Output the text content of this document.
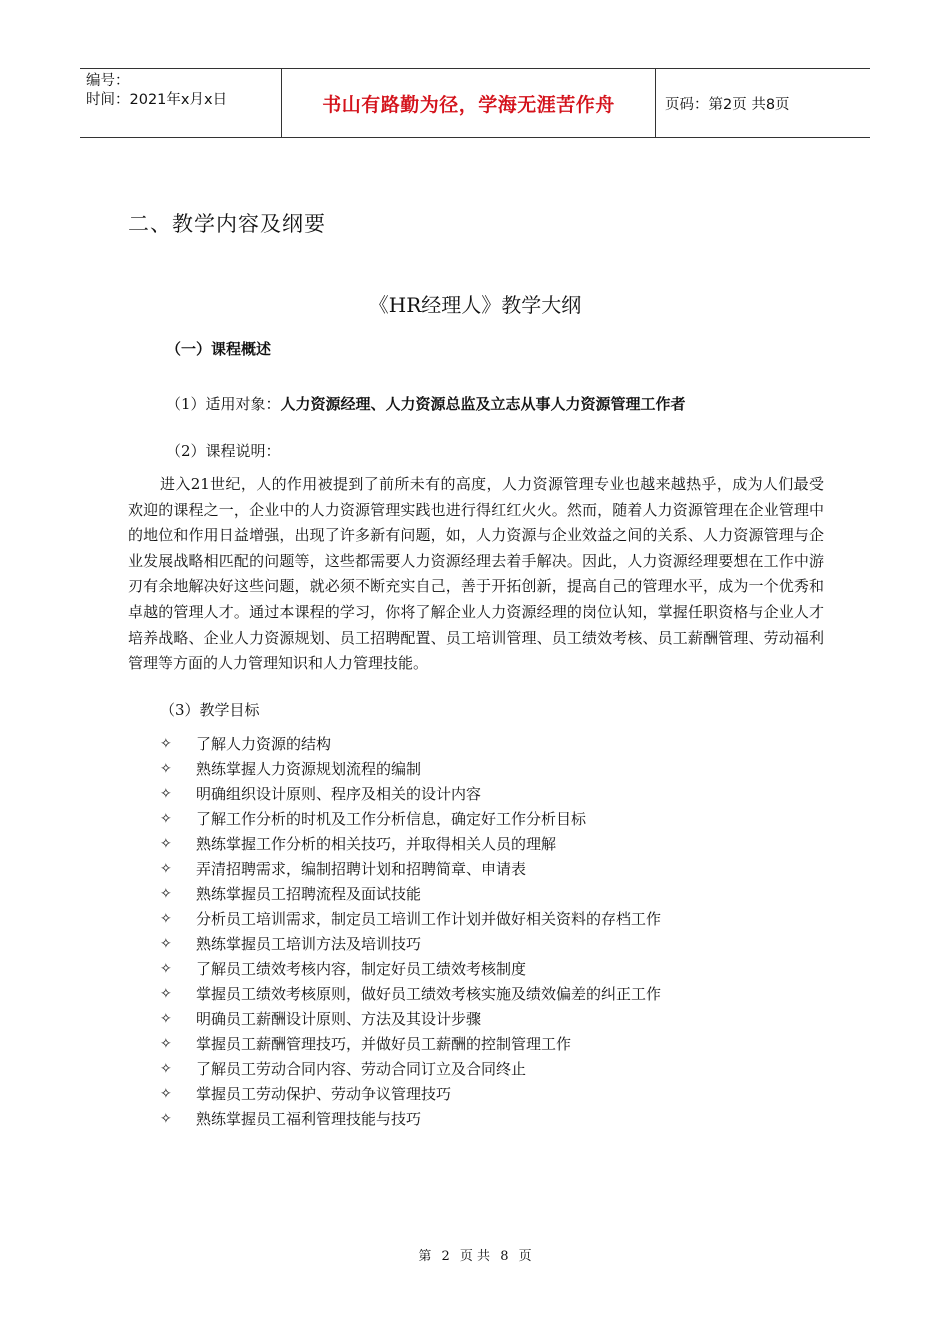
编号：
时间：2021年x月x日	书山有路勤为径，学海无涯苦作舟	页码：第2页 共8页
二、教学内容及纲要
《HR经理人》教学大纲
（一）课程概述
（1）适用对象：人力资源经理、人力资源总监及立志从事人力资源管理工作者
（2）课程说明：
进入21世纪，人的作用被提到了前所未有的高度，人力资源管理专业也越来越热乎，成为人们最受欢迎的课程之一，企业中的人力资源管理实践也进行得红红火火。然而，随着人力资源管理在企业管理中的地位和作用日益增强，出现了许多新有问题，如，人力资源与企业效益之间的关系、人力资源管理与企业发展战略相匹配的问题等，这些都需要人力资源经理去着手解决。因此，人力资源经理要想在工作中游刃有余地解决好这些问题，就必须不断充实自己，善于开拓创新，提高自己的管理水平，成为一个优秀和卓越的管理人才。通过本课程的学习，你将了解企业人力资源经理的岗位认知，掌握任职资格与企业人才培养战略、企业人力资源规划、员工招聘配置、员工培训管理、员工绩效考核、员工薪酬管理、劳动福利管理等方面的人力管理知识和人力管理技能。
（3）教学目标
✧	了解人力资源的结构
✧	熟练掌握人力资源规划流程的编制
✧	明确组织设计原则、程序及相关的设计内容
✧	了解工作分析的时机及工作分析信息，确定好工作分析目标
✧	熟练掌握工作分析的相关技巧，并取得相关人员的理解
✧	弄清招聘需求，编制招聘计划和招聘简章、申请表
✧	熟练掌握员工招聘流程及面试技能
✧	分析员工培训需求，制定员工培训工作计划并做好相关资料的存档工作
✧	熟练掌握员工培训方法及培训技巧
✧	了解员工绩效考核内容，制定好员工绩效考核制度
✧	掌握员工绩效考核原则，做好员工绩效考核实施及绩效偏差的纠正工作
✧	明确员工薪酬设计原则、方法及其设计步骤
✧	掌握员工薪酬管理技巧，并做好员工薪酬的控制管理工作
✧	了解员工劳动合同内容、劳动合同订立及合同终止
✧	掌握员工劳动保护、劳动争议管理技巧
✧	熟练掌握员工福利管理技能与技巧
第 2 页 共 8 页
